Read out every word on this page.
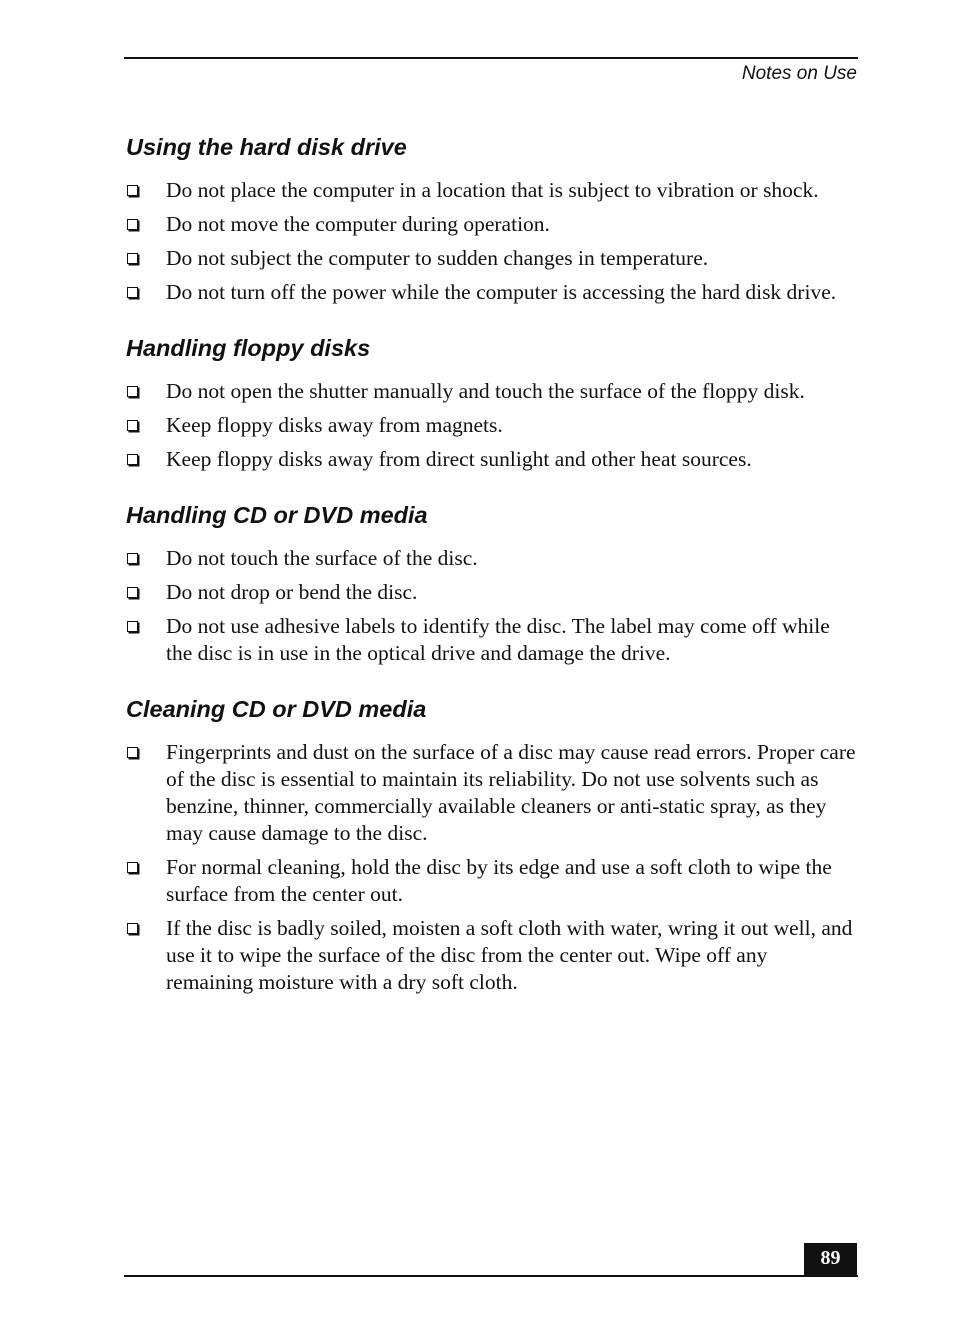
Notes on Use
Using the hard disk drive
Do not place the computer in a location that is subject to vibration or shock.
Do not move the computer during operation.
Do not subject the computer to sudden changes in temperature.
Do not turn off the power while the computer is accessing the hard disk drive.
Handling floppy disks
Do not open the shutter manually and touch the surface of the floppy disk.
Keep floppy disks away from magnets.
Keep floppy disks away from direct sunlight and other heat sources.
Handling CD or DVD media
Do not touch the surface of the disc.
Do not drop or bend the disc.
Do not use adhesive labels to identify the disc. The label may come off while the disc is in use in the optical drive and damage the drive.
Cleaning CD or DVD media
Fingerprints and dust on the surface of a disc may cause read errors. Proper care of the disc is essential to maintain its reliability. Do not use solvents such as benzine, thinner, commercially available cleaners or anti-static spray, as they may cause damage to the disc.
For normal cleaning, hold the disc by its edge and use a soft cloth to wipe the surface from the center out.
If the disc is badly soiled, moisten a soft cloth with water, wring it out well, and use it to wipe the surface of the disc from the center out. Wipe off any remaining moisture with a dry soft cloth.
89
